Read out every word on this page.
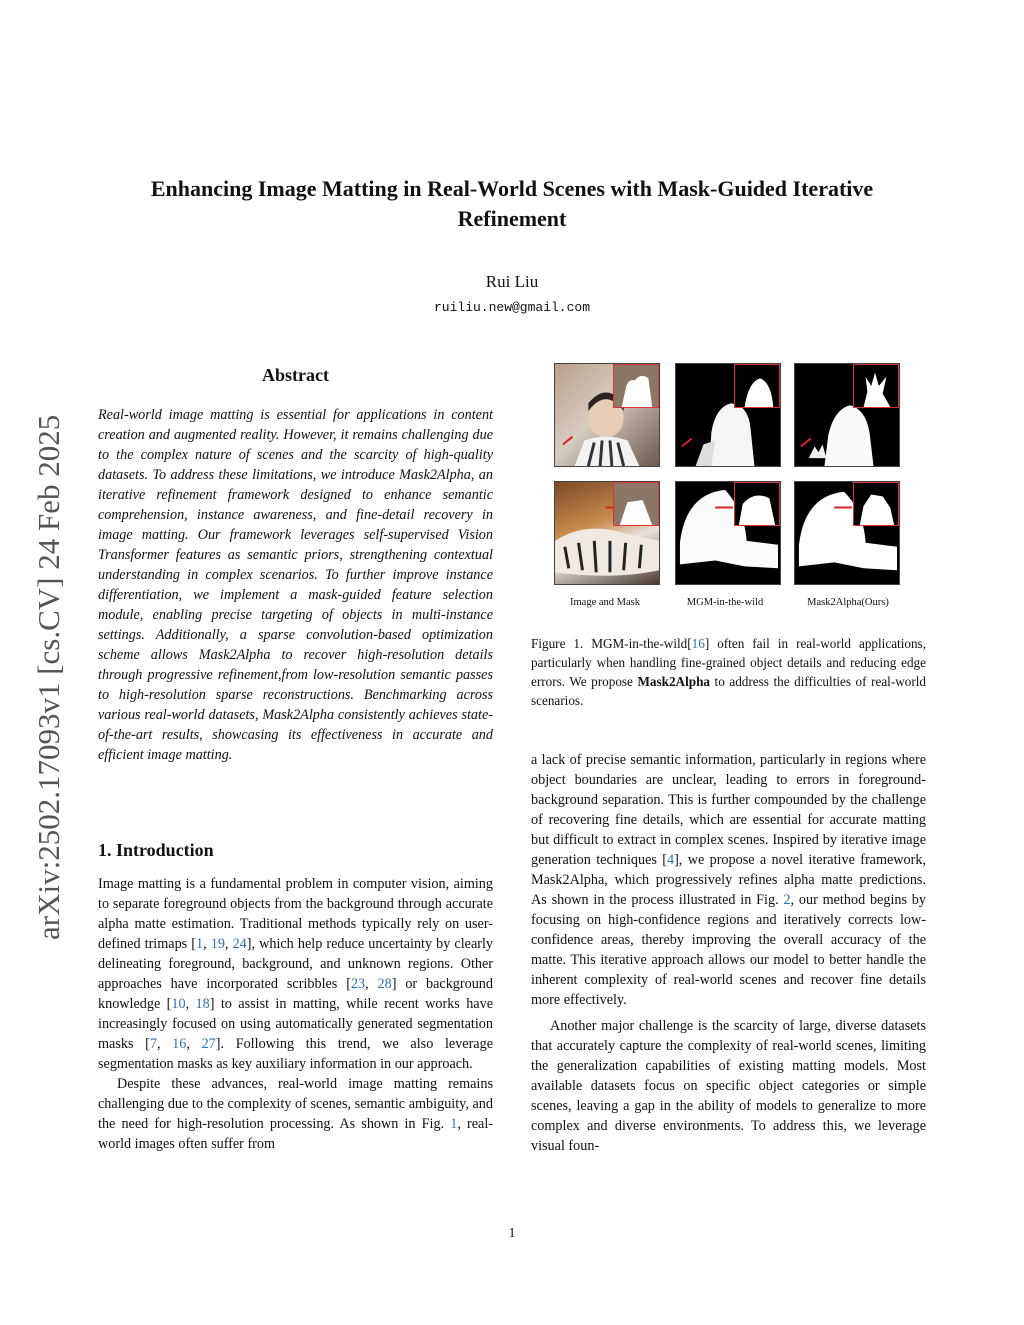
arXiv:2502.17093v1 [cs.CV] 24 Feb 2025
Enhancing Image Matting in Real-World Scenes with Mask-Guided Iterative Refinement
Rui Liu
ruiliu.new@gmail.com
Abstract
Real-world image matting is essential for applications in content creation and augmented reality. However, it remains challenging due to the complex nature of scenes and the scarcity of high-quality datasets. To address these limitations, we introduce Mask2Alpha, an iterative refinement framework designed to enhance semantic comprehension, instance awareness, and fine-detail recovery in image matting. Our framework leverages self-supervised Vision Transformer features as semantic priors, strengthening contextual understanding in complex scenarios. To further improve instance differentiation, we implement a mask-guided feature selection module, enabling precise targeting of objects in multi-instance settings. Additionally, a sparse convolution-based optimization scheme allows Mask2Alpha to recover high-resolution details through progressive refinement,from low-resolution semantic passes to high-resolution sparse reconstructions. Benchmarking across various real-world datasets, Mask2Alpha consistently achieves state-of-the-art results, showcasing its effectiveness in accurate and efficient image matting.
1. Introduction

Image matting is a fundamental problem in computer vision, aiming to separate foreground objects from the background through accurate alpha matte estimation. Traditional methods typically rely on user-defined trimaps [1, 19, 24], which help reduce uncertainty by clearly delineating foreground, background, and unknown regions. Other approaches have incorporated scribbles [23, 28] or background knowledge [10, 18] to assist in matting, while recent works have increasingly focused on using automatically generated segmentation masks [7, 16, 27]. Following this trend, we also leverage segmentation masks as key auxiliary information in our approach.

Despite these advances, real-world image matting remains challenging due to the complexity of scenes, semantic ambiguity, and the need for high-resolution processing. As shown in Fig. 1, real-world images often suffer from

Image and Mask	MGM-in-the-wild	Mask2Alpha(Ours)
Figure 1. MGM-in-the-wild[16] often fail in real-world applications, particularly when handling fine-grained object details and reducing edge errors. We propose Mask2Alpha to address the difficulties of real-world scenarios.

a lack of precise semantic information, particularly in regions where object boundaries are unclear, leading to errors in foreground-background separation. This is further compounded by the challenge of recovering fine details, which are essential for accurate matting but difficult to extract in complex scenes. Inspired by iterative image generation techniques [4], we propose a novel iterative framework, Mask2Alpha, which progressively refines alpha matte predictions. As shown in the process illustrated in Fig. 2, our method begins by focusing on high-confidence regions and iteratively corrects low-confidence areas, thereby improving the overall accuracy of the matte. This iterative approach allows our model to better handle the inherent complexity of real-world scenes and recover fine details more effectively.

Another major challenge is the scarcity of large, diverse datasets that accurately capture the complexity of real-world scenes, limiting the generalization capabilities of existing matting models. Most available datasets focus on specific object categories or simple scenes, leaving a gap in the ability of models to generalize to more complex and diverse environments. To address this, we leverage visual foun-

1
